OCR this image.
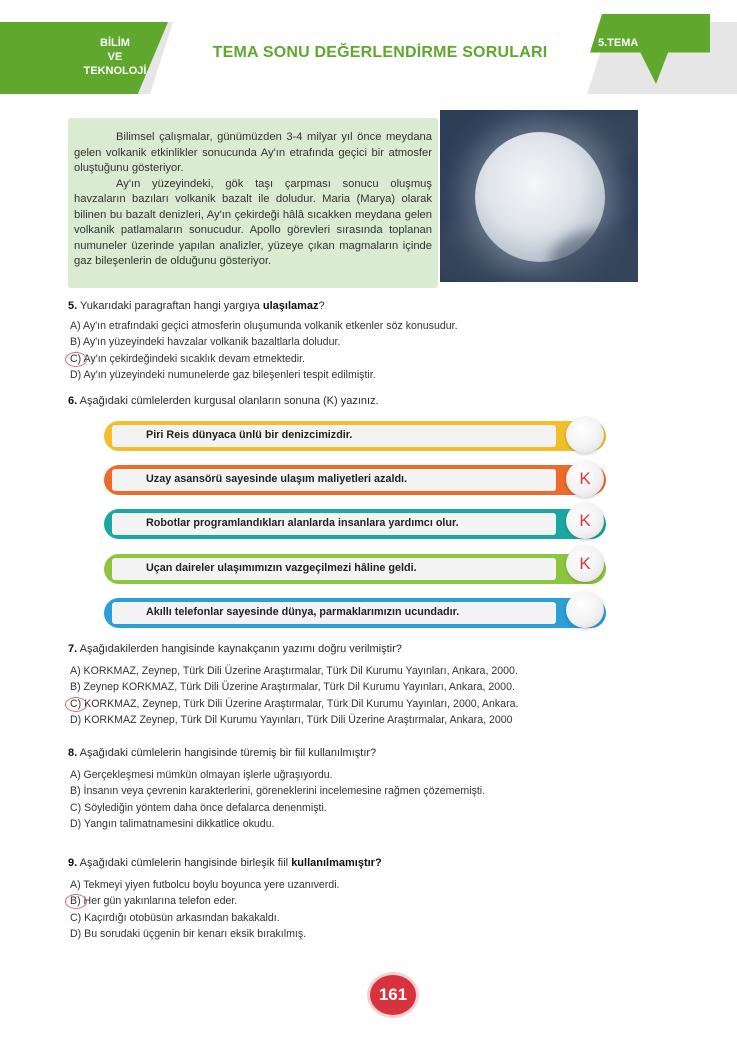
BİLİM
VE
TEKNOLOJİ
TEMA SONU DEĞERLENDİRME SORULARI
5.TEMA

Bilimsel çalışmalar, günümüzden 3-4 milyar yıl önce meydana gelen volkanik etkinlikler sonucunda Ay'ın etrafında geçici bir atmosfer oluştuğunu gösteriyor.

Ay'ın yüzeyindeki, gök taşı çarpması sonucu oluşmuş havzaların bazıları volkanik bazalt ile doludur. Maria (Marya) olarak bilinen bu bazalt denizleri, Ay'ın çekirdeği hâlâ sıcakken meydana gelen volkanik patlamaların sonucudur. Apollo görevleri sırasında toplanan numuneler üzerinde yapılan analizler, yüzeye çıkan magmaların içinde gaz bileşenlerin de olduğunu gösteriyor.

5. Yukarıdaki paragraftan hangi yargıya ulaşılamaz?
A) Ay'ın etrafındaki geçici atmosferin oluşumunda volkanik etkenler söz konusudur.
B) Ay'ın yüzeyindeki havzalar volkanik bazaltlarla doludur.
C) Ay'ın çekirdeğindeki sıcaklık devam etmektedir.
D) Ay'ın yüzeyindeki numunelerde gaz bileşenleri tespit edilmiştir.
6. Aşağıdaki cümlelerden kurgusal olanların sonuna (K) yazınız.
Piri Reis dünyaca ünlü bir denizcimizdir.
Uzay asansörü sayesinde ulaşım maliyetleri azaldı.	K
Robotlar programlandıkları alanlarda insanlara yardımcı olur.	K
Uçan daireler ulaşımımızın vazgeçilmezi hâline geldi.	K
Akıllı telefonlar sayesinde dünya, parmaklarımızın ucundadır.
7. Aşağıdakilerden hangisinde kaynakçanın yazımı doğru verilmiştir?
A) KORKMAZ, Zeynep, Türk Dili Üzerine Araştırmalar, Türk Dil Kurumu Yayınları, Ankara, 2000.
B) Zeynep KORKMAZ, Türk Dili Üzerine Araştırmalar, Türk Dil Kurumu Yayınları, Ankara, 2000.
C) KORKMAZ, Zeynep, Türk Dili Üzerine Araştırmalar, Türk Dil Kurumu Yayınları, 2000, Ankara.
D) KORKMAZ Zeynep, Türk Dil Kurumu Yayınları, Türk Dili Üzerine Araştırmalar, Ankara, 2000
8. Aşağıdaki cümlelerin hangisinde türemiş bir fiil kullanılmıştır?
A) Gerçekleşmesi mümkün olmayan işlerle uğraşıyordu.
B) İnsanın veya çevrenin karakterlerini, göreneklerini incelemesine rağmen çözememişti.
C) Söylediğin yöntem daha önce defalarca denenmişti.
D) Yangın talimatnamesini dikkatlice okudu.
9. Aşağıdaki cümlelerin hangisinde birleşik fiil kullanılmamıştır?
A) Tekmeyi yiyen futbolcu boylu boyunca yere uzanıverdi.
B) Her gün yakınlarına telefon eder.
C) Kaçırdığı otobüsün arkasından bakakaldı.
D) Bu sorudaki üçgenin bir kenarı eksik bırakılmış.
161
